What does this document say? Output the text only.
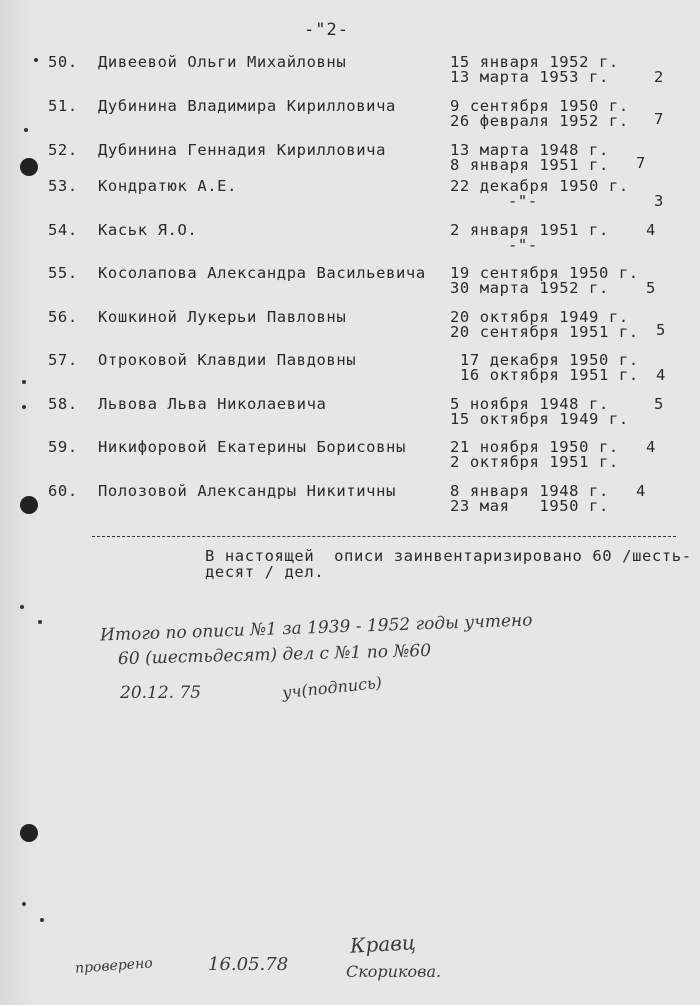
-"2-
50. Дивеевой Ольги Михайловны	15 января 1952 г.
13 марта 1953 г.	2
51. Дубинина Владимира Кирилловича	9 сентября 1950 г.
26 февраля 1952 г. 7
52. Дубинина Геннадия Кирилловича	13 марта 1948 г.
8 января 1951 г. 7
53. Кондратюк А.Е.	22 декабря 1950 г.
-"-	3
54. Каськ Я.О.	2 января 1951 г.
-"-
4
55. Косолапова Александра Васильевича 19 сентября 1950 г.
30 марта 1952 г. 5
56. Кошкиной Лукерьи Павловны	20 октября 1949 г.
20 сентября 1951 г. 5
57. Отроковой Клавдии Павдовны	17 декабря 1950 г.
16 октября 1951 г. 4
58. Львова Льва Николаевича	5 ноября 1948 г.
15 октября 1949 г.
5
59. Никифоровой Екатерины Борисовны	21 ноября 1950 г.
2 октября 1951 г.
4
60. Полозовой Александры Никитичны	8 января 1948 г.
23 мая   1950 г.
4
В настоящей  описи заинвентаризировано 60 /шесть-
десят / дел.
Итого по описи №1 за 1939 - 1952 годы учтено
60 (шестьдесят) дел с №1 по №60
20.12. 75	уч(подпись)
проверено	16.05.78
Кравц
Скорикова.
